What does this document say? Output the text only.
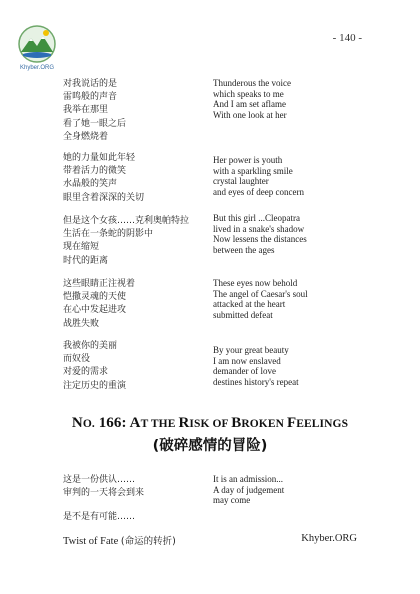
Khyber.ORG
- 140 -
对我说话的是
雷鸣般的声音
我举在那里
看了她一眼之后
全身燃烧着
Thunderous the voice
which speaks to me
And I am set aflame
With one look at her
她的力量如此年轻
带着活力的微笑
水晶般的笑声
眼里含着深深的关切
Her power is youth
with a sparkling smile
crystal laughter
and eyes of deep concern
但是这个女孩……克利奥帕特拉
生活在一条蛇的阴影中
现在缩短
时代的距离
But this girl ...Cleopatra
lived in a snake's shadow
Now lessens the distances
between the ages
这些眼睛正注视着
恺撒灵魂的天使
在心中发起进攻
战胜失败
These eyes now behold
The angel of Caesar's soul
attacked at the heart
submitted defeat
我被你的美丽
而奴役
对爱的需求
注定历史的重演
By your great beauty
I am now enslaved
demander of love
destines history's repeat
NO. 166: AT THE RISK OF BROKEN FEELINGS
(破碎感情的冒险)
这是一份供认……
审判的一天将会到来
It is an admission...
A day of judgement
may come
是不是有可能……
Twist of Fate (命运的转折)	Khyber.ORG
